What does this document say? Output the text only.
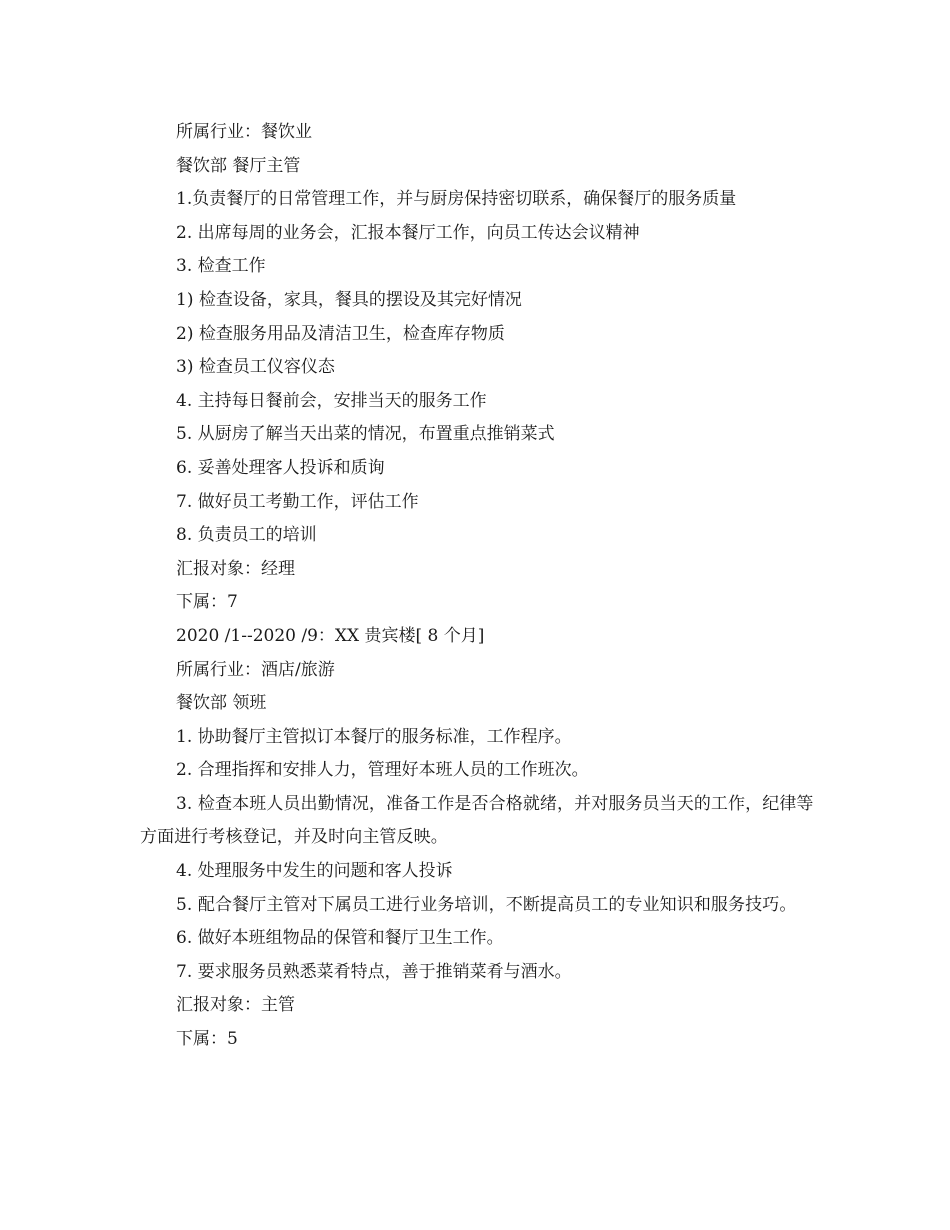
所属行业：餐饮业

餐饮部 餐厅主管

1.负责餐厅的日常管理工作，并与厨房保持密切联系，确保餐厅的服务质量

2. 出席每周的业务会，汇报本餐厅工作，向员工传达会议精神

3. 检查工作

1) 检查设备，家具，餐具的摆设及其完好情况

2) 检查服务用品及清洁卫生，检查库存物质

3) 检查员工仪容仪态

4. 主持每日餐前会，安排当天的服务工作

5. 从厨房了解当天出菜的情况，布置重点推销菜式

6. 妥善处理客人投诉和质询

7. 做好员工考勤工作，评估工作

8. 负责员工的培训

汇报对象：经理

下属：7

2020 /1--2020 /9：XX 贵宾楼[ 8 个月]

所属行业：酒店/旅游

餐饮部 领班

1. 协助餐厅主管拟订本餐厅的服务标准，工作程序。

2. 合理指挥和安排人力，管理好本班人员的工作班次。

3. 检查本班人员出勤情况，准备工作是否合格就绪，并对服务员当天的工作，纪律等方面进行考核登记，并及时向主管反映。

4. 处理服务中发生的问题和客人投诉

5. 配合餐厅主管对下属员工进行业务培训，不断提高员工的专业知识和服务技巧。

6. 做好本班组物品的保管和餐厅卫生工作。

7. 要求服务员熟悉菜肴特点，善于推销菜肴与酒水。

汇报对象：主管

下属：5
